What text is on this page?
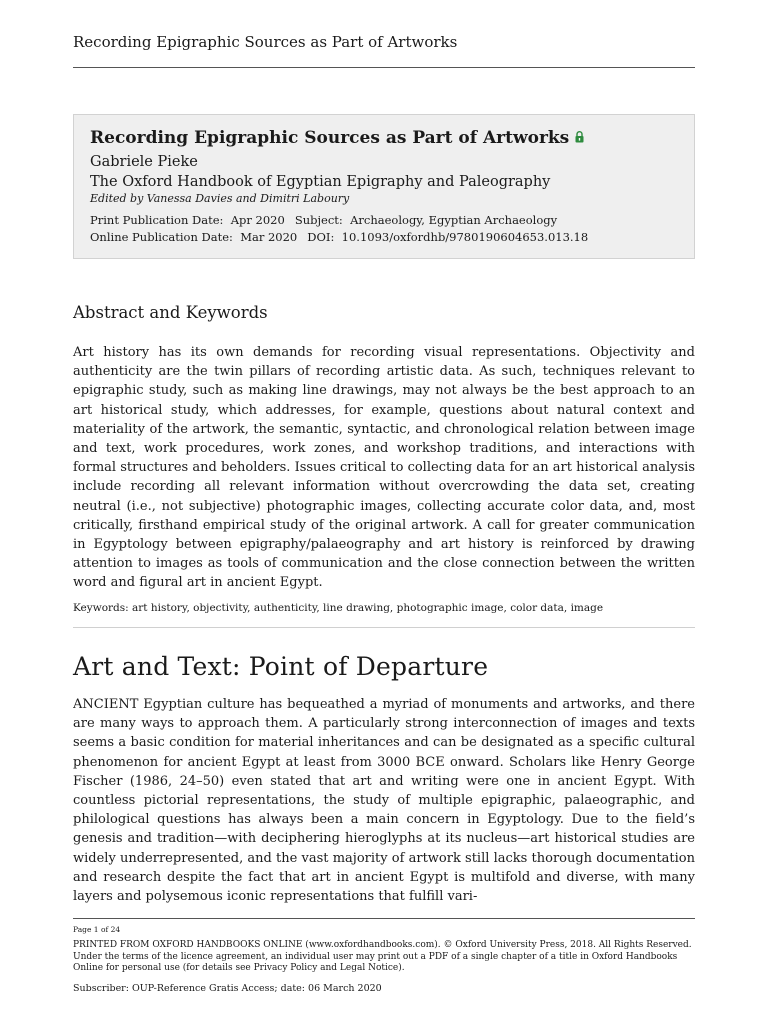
Recording Epigraphic Sources as Part of Artworks
Recording Epigraphic Sources as Part of Artworks
Gabriele Pieke
The Oxford Handbook of Egyptian Epigraphy and Paleography
Edited by Vanessa Davies and Dimitri Laboury
Print Publication Date: Apr 2020 Subject: Archaeology, Egyptian Archaeology
Online Publication Date: Mar 2020 DOI: 10.1093/oxfordhb/9780190604653.013.18
Abstract and Keywords
Art history has its own demands for recording visual representations. Objectivity and authenticity are the twin pillars of recording artistic data. As such, techniques relevant to epigraphic study, such as making line drawings, may not always be the best approach to an art historical study, which addresses, for example, questions about natural context and materiality of the artwork, the semantic, syntactic, and chronological relation between image and text, work procedures, work zones, and workshop traditions, and interactions with formal structures and beholders. Issues critical to collecting data for an art historical analysis include recording all relevant information without overcrowding the data set, creating neutral (i.e., not subjective) photographic images, collecting accurate color data, and, most critically, firsthand empirical study of the original artwork. A call for greater communication in Egyptology between epigraphy/palaeography and art history is reinforced by drawing attention to images as tools of communication and the close connection between the written word and figural art in ancient Egypt.
Keywords: art history, objectivity, authenticity, line drawing, photographic image, color data, image
Art and Text: Point of Departure
ANCIENT Egyptian culture has bequeathed a myriad of monuments and artworks, and there are many ways to approach them. A particularly strong interconnection of images and texts seems a basic condition for material inheritances and can be designated as a specific cultural phenomenon for ancient Egypt at least from 3000 BCE onward. Scholars like Henry George Fischer (1986, 24–50) even stated that art and writing were one in ancient Egypt. With countless pictorial representations, the study of multiple epigraphic, palaeographic, and philological questions has always been a main concern in Egyptology. Due to the field’s genesis and tradition—with deciphering hieroglyphs at its nucleus—art historical studies are widely underrepresented, and the vast majority of artwork still lacks thorough documentation and research despite the fact that art in ancient Egypt is multifold and diverse, with many layers and polysemous iconic representations that fulfill vari-
Page 1 of 24
PRINTED FROM OXFORD HANDBOOKS ONLINE (www.oxfordhandbooks.com). © Oxford University Press, 2018. All Rights Reserved. Under the terms of the licence agreement, an individual user may print out a PDF of a single chapter of a title in Oxford Handbooks Online for personal use (for details see Privacy Policy and Legal Notice).
Subscriber: OUP-Reference Gratis Access; date: 06 March 2020
